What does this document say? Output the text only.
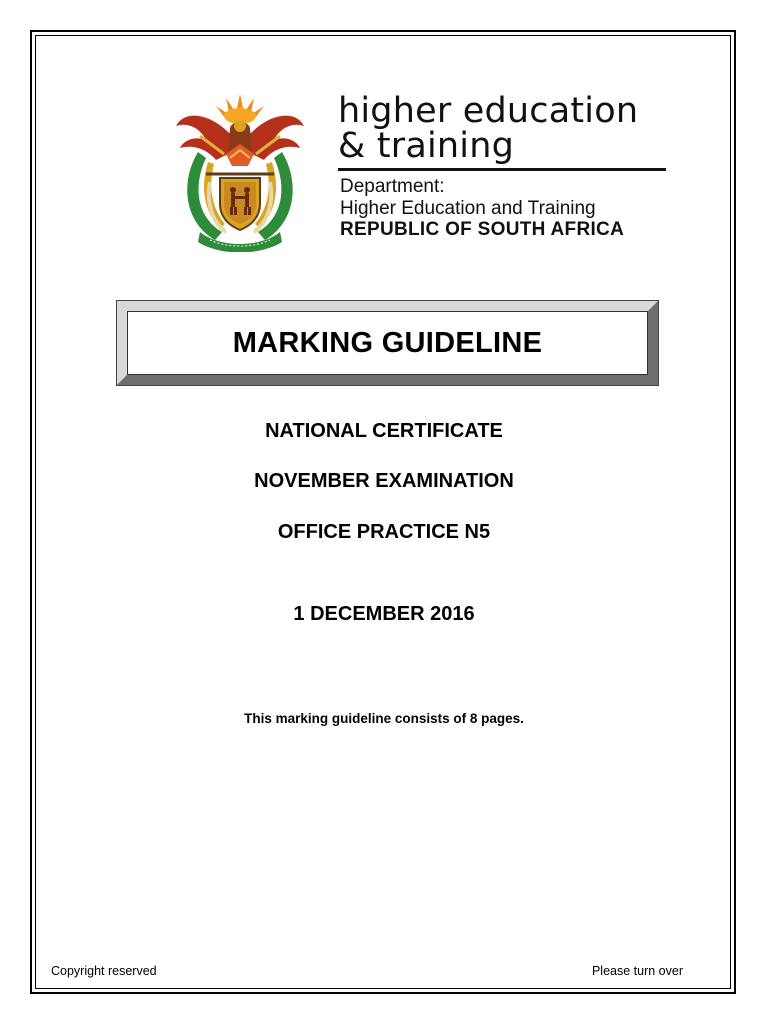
higher education
& training
Department:
Higher Education and Training
REPUBLIC OF SOUTH AFRICA
MARKING GUIDELINE
NATIONAL CERTIFICATE
NOVEMBER EXAMINATION
OFFICE PRACTICE N5
1 DECEMBER 2016
This marking guideline consists of 8 pages.
Copyright reserved	Please turn over
